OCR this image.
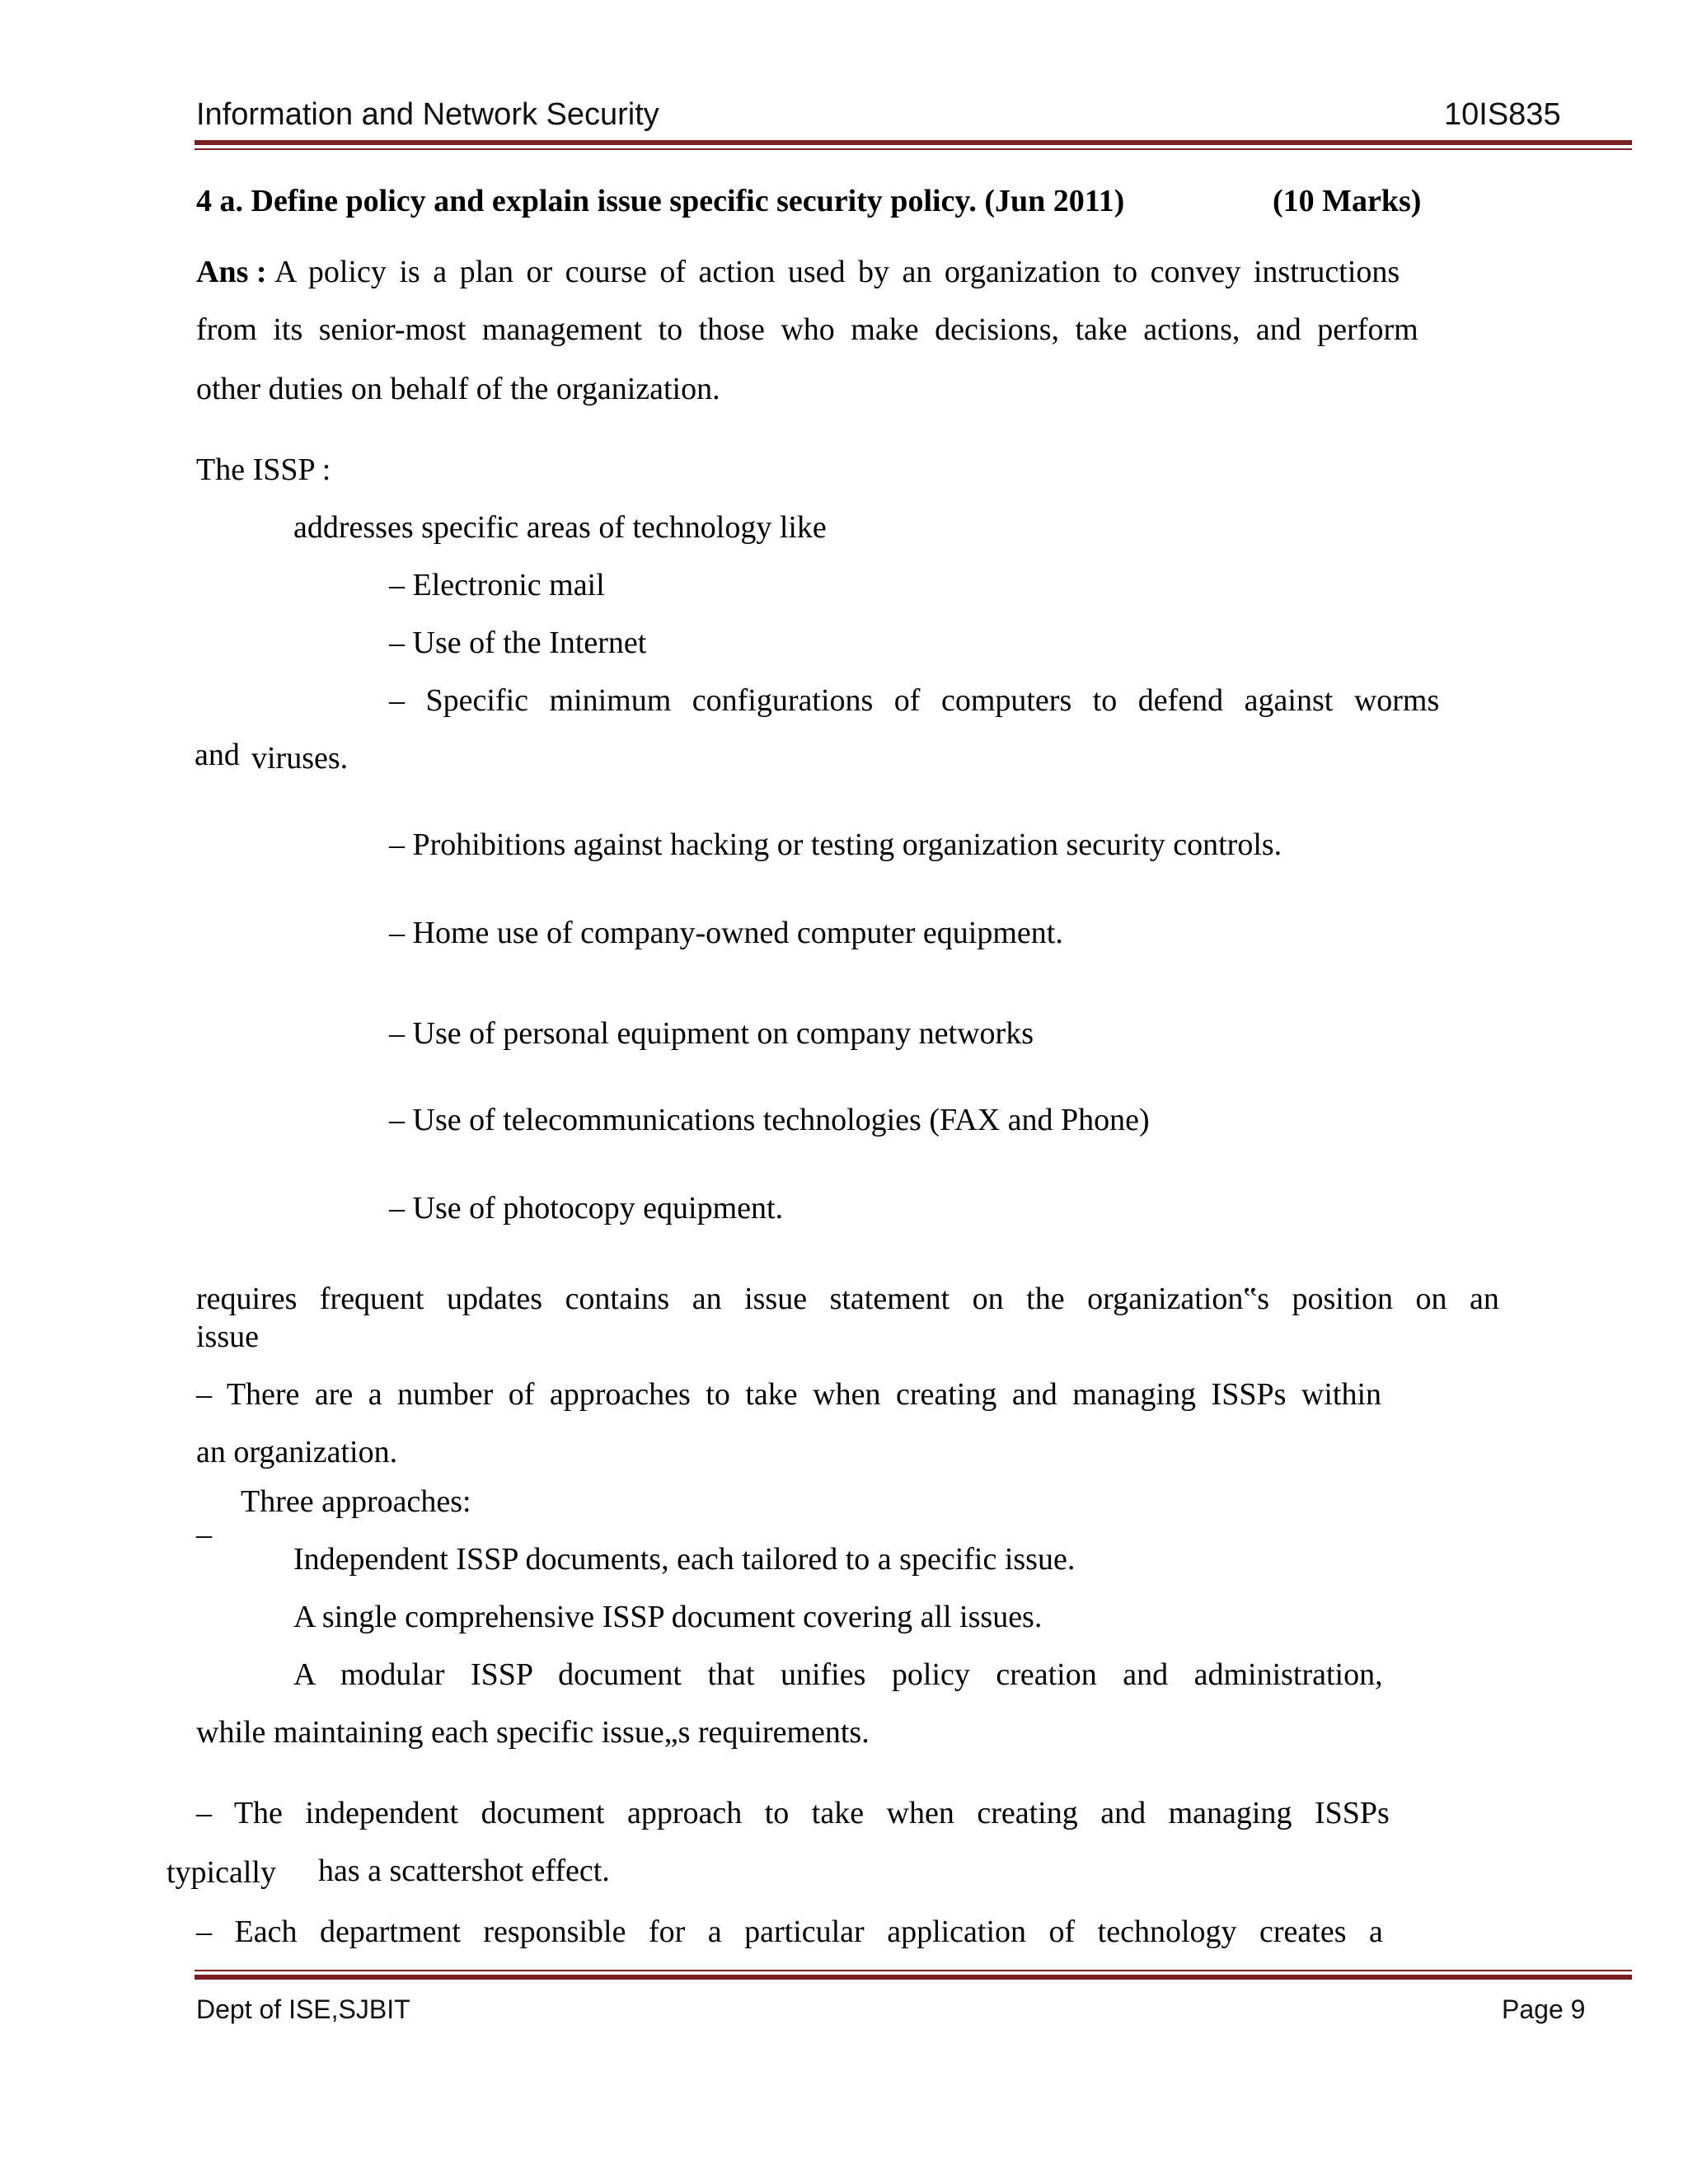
Information and Network Security	10IS835
4 a. Define policy and explain issue specific security policy. (Jun 2011)	(10 Marks)
Ans : A policy is a plan or course of action used by an organization to convey instructions
from its senior-most management to those who make decisions, take actions, and perform
other duties on behalf of the organization.
The ISSP :
addresses specific areas of technology like
– Electronic mail
– Use of the Internet
– Specific minimum configurations of computers to defend against worms
and viruses.
– Prohibitions against hacking or testing organization security controls.
– Home use of company-owned computer equipment.
– Use of personal equipment on company networks
– Use of telecommunications technologies (FAX and Phone)
– Use of photocopy equipment.
requires frequent updates contains an issue statement on the organization‟s position on an
issue
– There are a number of approaches to take when creating and managing ISSPs within
an organization.
Three approaches:
–
Independent ISSP documents, each tailored to a specific issue.
A single comprehensive ISSP document covering all issues.
A modular ISSP document that unifies policy creation and administration,
while maintaining each specific issue„s requirements.
– The independent document approach to take when creating and managing ISSPs
typically has a scattershot effect.
– Each department responsible for a particular application of technology creates a
Dept of ISE,SJBIT	Page 9
